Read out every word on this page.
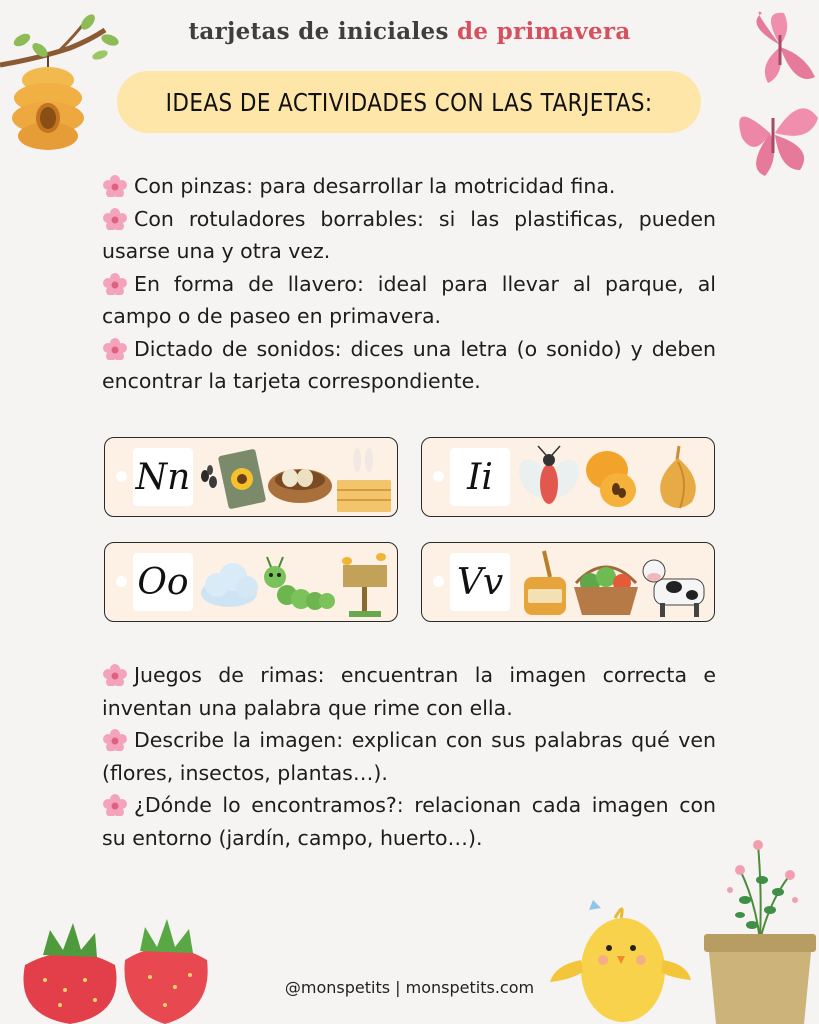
tarjetas de iniciales de primavera
IDEAS DE ACTIVIDADES CON LAS TARJETAS:

Con pinzas: para desarrollar la motricidad fina.

Con rotuladores borrables: si las plastificas, pueden usarse una y otra vez.

En forma de llavero: ideal para llevar al parque, al campo o de paseo en primavera.

Dictado de sonidos: dices una letra (o sonido) y deben encontrar la tarjeta correspondiente.

Nn	Ii
Oo	Vv

Juegos de rimas: encuentran la imagen correcta e inventan una palabra que rime con ella.

Describe la imagen: explican con sus palabras qué ven (flores, insectos, plantas…).

¿Dónde lo encontramos?: relacionan cada imagen con su entorno (jardín, campo, huerto…).

@monspetits | monspetits.com
